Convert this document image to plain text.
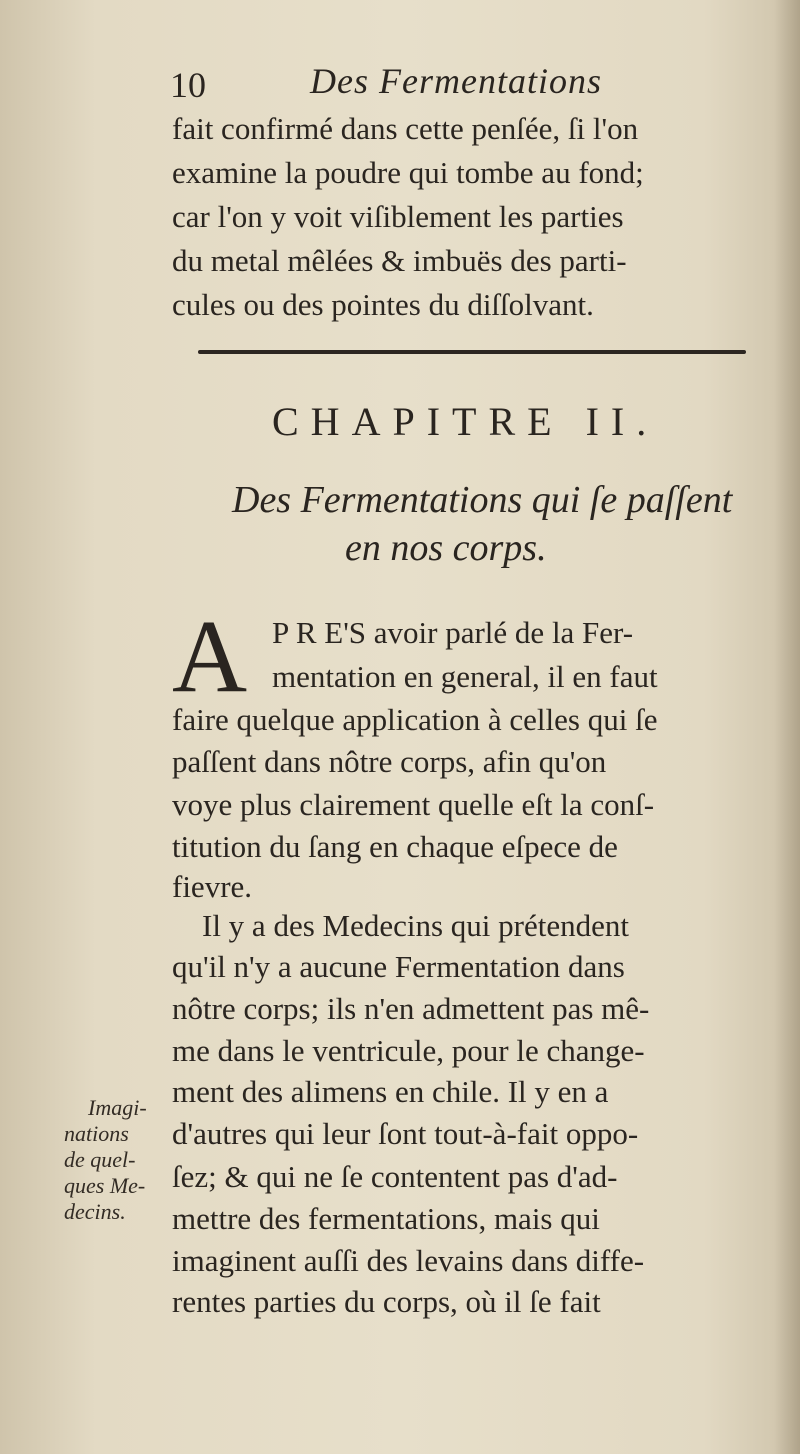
10	Des Fermentations
fait confirmé dans cette penſée, ſi l'on
examine la poudre qui tombe au fond;
car l'on y voit viſiblement les parties
du metal mêlées & imbuës des parti-
cules ou des pointes du diſſolvant.
CHAPITRE II.
Des Fermentations qui ſe paſſent
en nos corps.
A P R E'S avoir parlé de la Fer-
mentation en general, il en faut
faire quelque application à celles qui ſe
paſſent dans nôtre corps, afin qu'on
voye plus clairement quelle eſt la conſ-
titution du ſang en chaque eſpece de
fievre.
Il y a des Medecins qui prétendent
qu'il n'y a aucune Fermentation dans
nôtre corps; ils n'en admettent pas mê-
me dans le ventricule, pour le change-
ment des alimens en chile. Il y en a
d'autres qui leur ſont tout-à-fait oppo-
ſez; & qui ne ſe contentent pas d'ad-
mettre des fermentations, mais qui
imaginent auſſi des levains dans diffe-
rentes parties du corps, où il ſe fait
Imagi-
nations
de quel-
ques Me-
decins.
